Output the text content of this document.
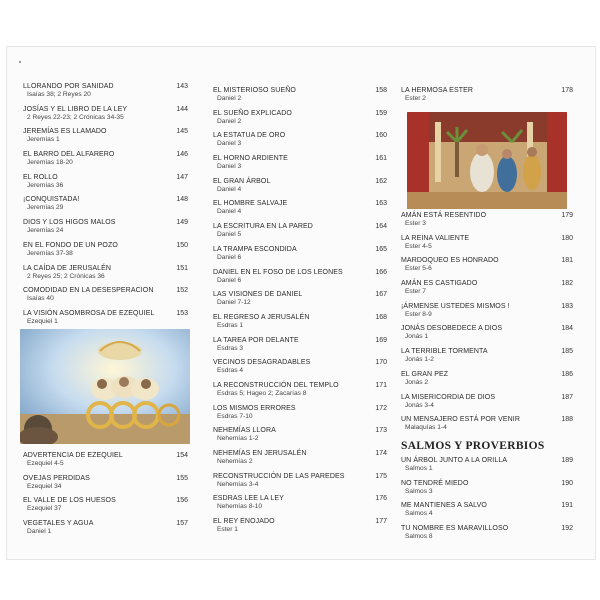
LLORANDO POR SANIDAD
Isaías 38; 2 Reyes 20
143
JOSÍAS Y EL LIBRO DE LA LEY
2 Reyes 22-23; 2 Crónicas 34-35
144
JEREMÍAS ES LLAMADO
Jeremías 1
145
EL BARRO DEL ALFARERO
Jeremías 18-20
146
EL ROLLO
Jeremías 36
147
¡CONQUISTADA!
Jeremías 29
148
DIOS Y LOS HIGOS MALOS
Jeremías 24
149
EN EL FONDO DE UN POZO
Jeremías 37-38
150
LA CAÍDA DE JERUSALÉN
2 Reyes 25; 2 Crónicas 36
151
COMODIDAD EN LA DESESPERACION
Isaías 40
152
LA VISIÓN ASOMBROSA DE EZEQUIEL
Ezequiel 1
153
ADVERTENCIA DE EZEQUIEL
Ezequiel 4-5
154
OVEJAS PERDIDAS
Ezequiel 34
155
EL VALLE DE LOS HUESOS
Ezequiel 37
156
VEGETALES Y AGUA
Daniel 1
157
EL MISTERIOSO SUEÑO
Daniel 2
158
EL SUEÑO EXPLICADO
Daniel 2
159
LA ESTATUA DE ORO
Daniel 3
160
EL HORNO ARDIENTE
Daniel 3
161
EL GRAN ÁRBOL
Daniel 4
162
EL HOMBRE SALVAJE
Daniel 4
163
LA ESCRITURA EN LA PARED
Daniel 5
164
LA TRAMPA ESCONDIDA
Daniel 6
165
DANIEL EN EL FOSO DE LOS LEONES
Daniel 6
166
LAS VISIONES DE DANIEL
Daniel 7-12
167
EL REGRESO A JERUSALÉN
Esdras 1
168
LA TAREA POR DELANTE
Esdras 3
169
VECINOS DESAGRADABLES
Esdras 4
170
LA RECONSTRUCCIÓN DEL TEMPLO
Esdras 5; Hageo 2; Zacarías 8
171
LOS MISMOS ERRORES
Esdras 7-10
172
NEHEMÍAS LLORA
Nehemías 1-2
173
NEHEMÍAS EN JERUSALÉN
Nehemías 2
174
RECONSTRUCCIÓN DE LAS PAREDES
Nehemías 3-4
175
ESDRAS LEE LA LEY
Nehemías 8-10
176
EL REY ENOJADO
Ester 1
177
LA HERMOSA ESTER
Ester 2
178
AMÁN ESTÁ RESENTIDO
Ester 3
179
LA REINA VALIENTE
Ester 4-5
180
MARDOQUEO ES HONRADO
Ester 5-6
181
AMÁN ES CASTIGADO
Ester 7
182
¡ÁRMENSE USTEDES MISMOS !
Ester 8-9
183
JONÁS DESOBEDECE A DIOS
Jonás 1
184
LA TERRIBLE TORMENTA
Jonás 1-2
185
EL GRAN PEZ
Jonás 2
186
LA MISERICORDIA DE DIOS
Jonás 3-4
187
UN MENSAJERO ESTÁ POR VENIR
Malaquías 1-4
188
SALMOS Y PROVERBIOS
UN ÁRBOL JUNTO A LA ORILLA
Salmos 1
189
NO TENDRÉ MIEDO
Salmos 3
190
ME MANTIENES A SALVO
Salmos 4
191
TU NOMBRE ES MARAVILLOSO
Salmos 8
192
